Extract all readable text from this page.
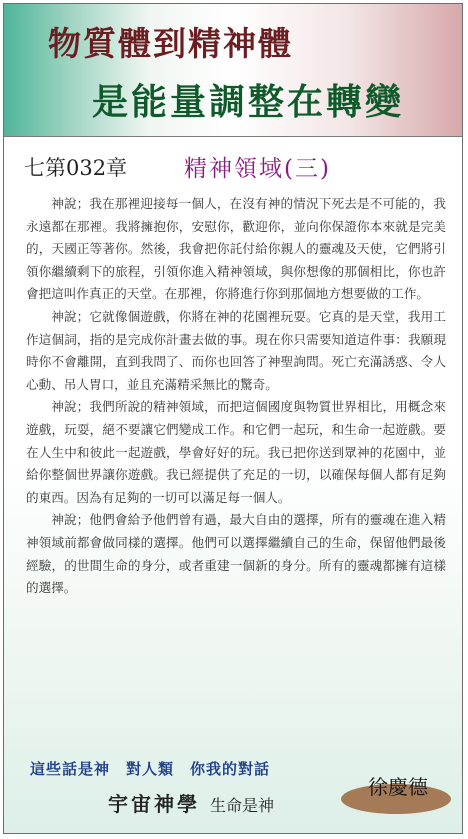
物質體到精神體
是能量調整在轉變
七第032章 精神領域(三)

神說；我在那裡迎接每一個人，在沒有神的情況下死去是不可能的，我永遠都在那裡。我將擁抱你，安慰你，歡迎你，並向你保證你本來就是完美的，天國正等著你。然後，我會把你託付給你親人的靈魂及天使，它們將引領你繼續剩下的旅程，引領你進入精神領域，與你想像的那個相比，你也許會把這叫作真正的天堂。在那裡，你將進行你到那個地方想要做的工作。

神說；它就像個遊戲，你將在神的花園裡玩耍。它真的是天堂，我用工作這個詞，指的是完成你計畫去做的事。現在你只需要知道這件事：我願現時你不會離開，直到我問了、而你也回答了神聖詢問。死亡充滿誘惑、令人心動、吊人胃口，並且充滿精采無比的驚奇。

神說；我們所說的精神領域，而把這個國度與物質世界相比，用概念來遊戲，玩耍，絕不要讓它們變成工作。和它們一起玩，和生命一起遊戲。要在人生中和彼此一起遊戲，學會好好的玩。我已把你送到眾神的花園中，並給你整個世界讓你遊戲。我已經提供了充足的一切，以確保每個人都有足夠的東西。因為有足夠的一切可以滿足每一個人。

神說；他們會給予他們曾有過，最大自由的選擇，所有的靈魂在進入精神領域前都會做同樣的選擇。他們可以選擇繼續自己的生命，保留他們最後經驗，的世間生命的身分，或者重建一個新的身分。所有的靈魂都擁有這樣的選擇。

這些話是神　對人類　你我的對話
宇宙神學 生命是神
徐慶德
